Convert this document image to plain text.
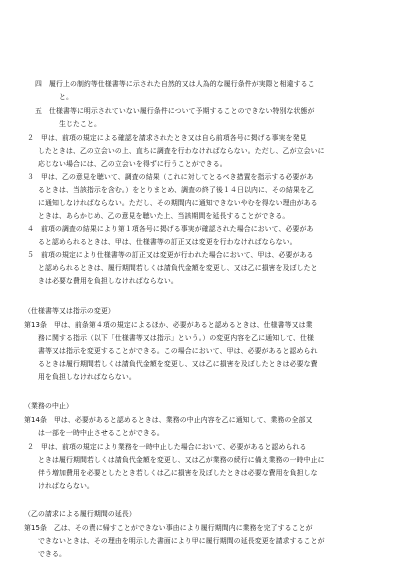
四　履行上の制約等仕様書等に示された自然的又は人為的な履行条件が実際と相違するこ
と。
五　仕様書等に明示されていない履行条件について予期することのできない特別な状態が
生じたこと。
２　甲は、前項の規定による確認を請求されたとき又は自ら前項各号に掲げる事実を発見
したときは、乙の立会いの上、直ちに調査を行わなければならない。ただし、乙が立会いに
応じない場合には、乙の立会いを得ずに行うことができる。
３　甲は、乙の意見を聴いて、調査の結果（これに対してとるべき措置を指示する必要があ
るときは、当該指示を含む。）をとりまとめ、調査の終了後１４日以内に、その結果を乙
に通知しなければならない。ただし、その期間内に通知できないやむを得ない理由がある
ときは、あらかじめ、乙の意見を聴いた上、当該期間を延長することができる。
４　前項の調査の結果により第１項各号に掲げる事実が確認された場合において、必要があ
ると認められるときは、甲は、仕様書等の訂正又は変更を行わなければならない。
５　前項の規定により仕様書等の訂正又は変更が行われた場合において、甲は、必要がある
と認められるときは、履行期間若しくは請負代金額を変更し、又は乙に損害を及ぼしたと
きは必要な費用を負担しなければならない。
（仕様書等又は指示の変更）
第13条　甲は、前条第４項の規定によるほか、必要があると認めるときは、仕様書等又は業
務に関する指示（以下「仕様書等又は指示」という。）の変更内容を乙に通知して、仕様
書等又は指示を変更することができる。この場合において、甲は、必要があると認められ
るときは履行期間若しくは請負代金額を変更し、又は乙に損害を及ぼしたときは必要な費
用を負担しなければならない。
（業務の中止）
第14条　甲は、必要があると認めるときは、業務の中止内容を乙に通知して、業務の全部又
は一部を一時中止させることができる。
２　甲は、前項の規定により業務を一時中止した場合において、必要があると認められる
ときは履行期間若しくは請負代金額を変更し、又は乙が業務の続行に備え業務の一時中止に
伴う増加費用を必要としたとき若しくは乙に損害を及ぼしたときは必要な費用を負担しな
ければならない。
（乙の請求による履行期間の延長）
第15条　乙は、その責に帰すことができない事由により履行期間内に業務を完了することが
できないときは、その理由を明示した書面により甲に履行期間の延長変更を請求することが
できる。
